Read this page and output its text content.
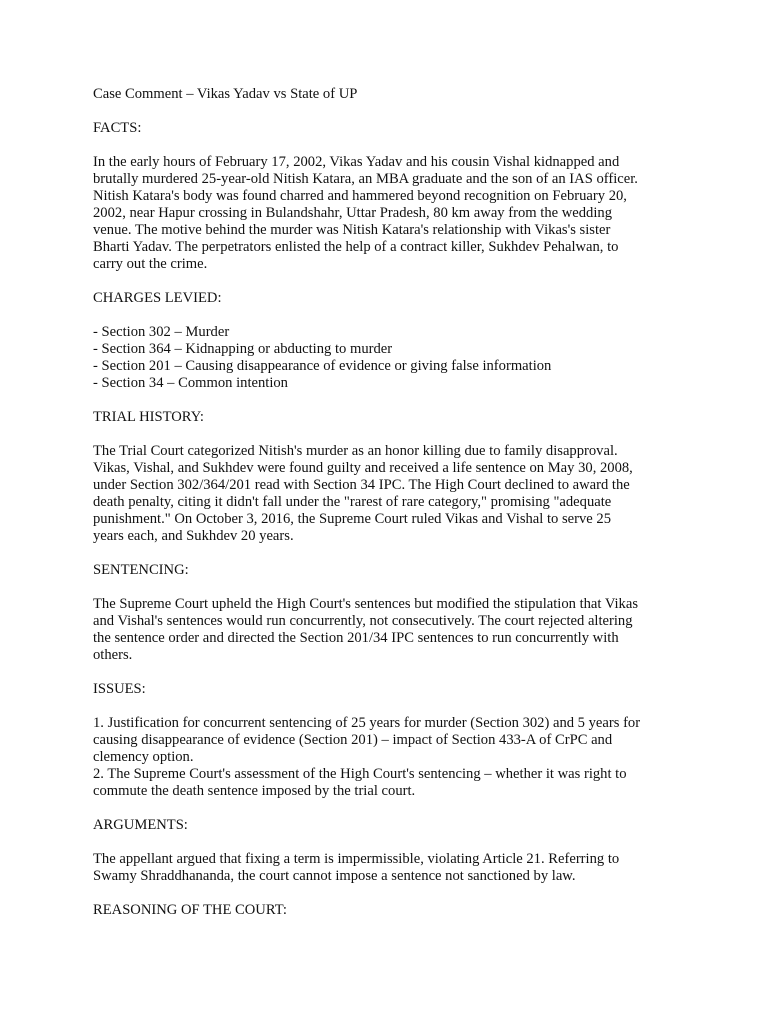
Case Comment – Vikas Yadav vs State of UP
FACTS:
In the early hours of February 17, 2002, Vikas Yadav and his cousin Vishal kidnapped and
brutally murdered 25-year-old Nitish Katara, an MBA graduate and the son of an IAS officer.
Nitish Katara's body was found charred and hammered beyond recognition on February 20,
2002, near Hapur crossing in Bulandshahr, Uttar Pradesh, 80 km away from the wedding
venue. The motive behind the murder was Nitish Katara's relationship with Vikas's sister
Bharti Yadav. The perpetrators enlisted the help of a contract killer, Sukhdev Pehalwan, to
carry out the crime.
CHARGES LEVIED:
- Section 302 – Murder
- Section 364 – Kidnapping or abducting to murder
- Section 201 – Causing disappearance of evidence or giving false information
- Section 34 – Common intention
TRIAL HISTORY:
The Trial Court categorized Nitish's murder as an honor killing due to family disapproval.
Vikas, Vishal, and Sukhdev were found guilty and received a life sentence on May 30, 2008,
under Section 302/364/201 read with Section 34 IPC. The High Court declined to award the
death penalty, citing it didn't fall under the "rarest of rare category," promising "adequate
punishment." On October 3, 2016, the Supreme Court ruled Vikas and Vishal to serve 25
years each, and Sukhdev 20 years.
SENTENCING:
The Supreme Court upheld the High Court's sentences but modified the stipulation that Vikas
and Vishal's sentences would run concurrently, not consecutively. The court rejected altering
the sentence order and directed the Section 201/34 IPC sentences to run concurrently with
others.
ISSUES:
1. Justification for concurrent sentencing of 25 years for murder (Section 302) and 5 years for
causing disappearance of evidence (Section 201) – impact of Section 433-A of CrPC and
clemency option.
2. The Supreme Court's assessment of the High Court's sentencing – whether it was right to
commute the death sentence imposed by the trial court.
ARGUMENTS:
The appellant argued that fixing a term is impermissible, violating Article 21. Referring to
Swamy Shraddhananda, the court cannot impose a sentence not sanctioned by law.
REASONING OF THE COURT:
